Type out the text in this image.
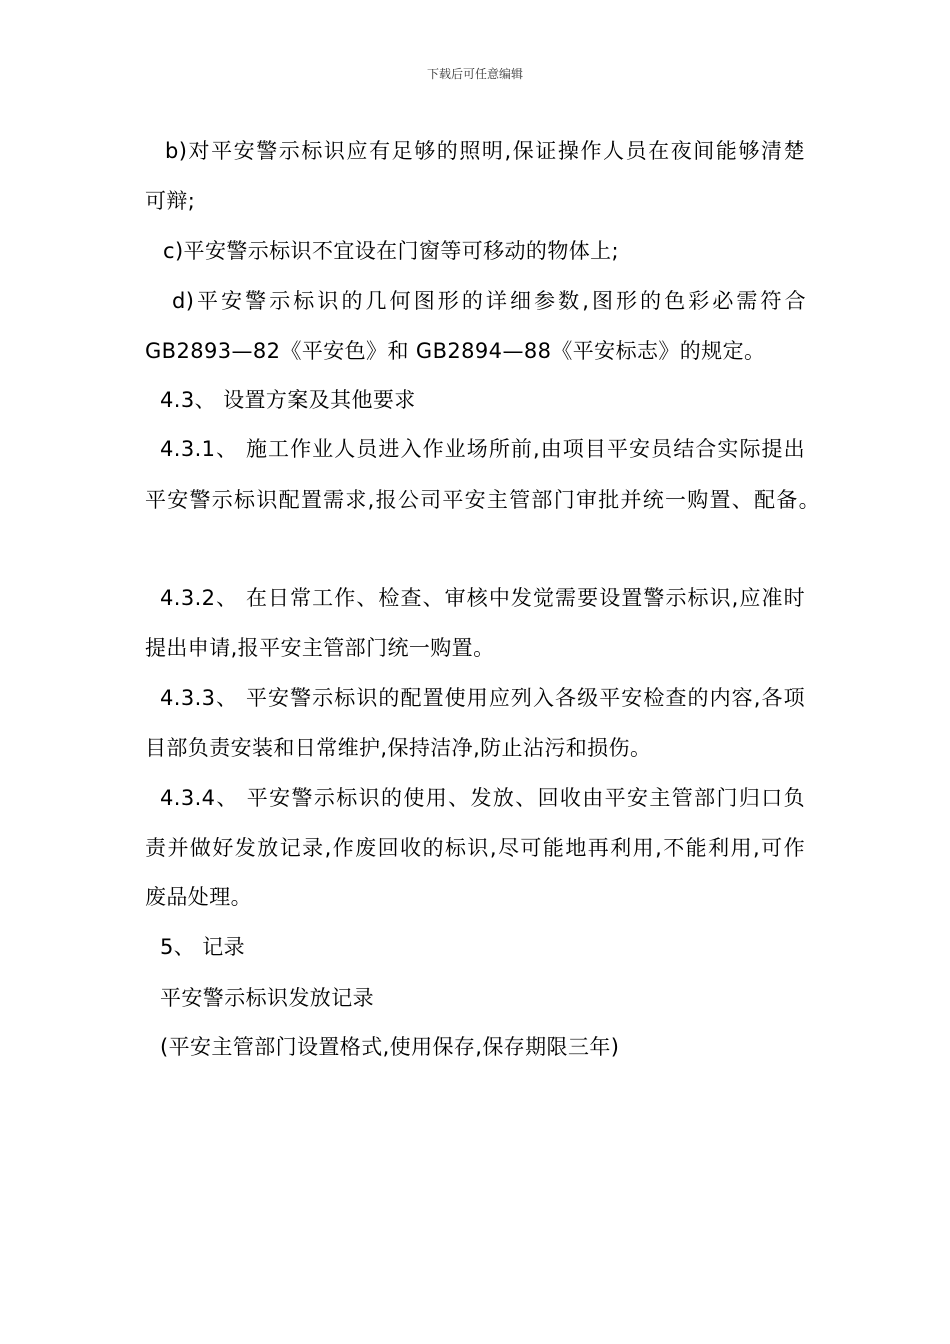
下载后可任意编辑
b)对平安警示标识应有足够的照明,保证操作人员在夜间能够清楚
可辩;
c)平安警示标识不宜设在门窗等可移动的物体上;
d)平安警示标识的几何图形的详细参数,图形的色彩必需符合
GB2893—82《平安色》和 GB2894—88《平安标志》的规定。
4.3、 设置方案及其他要求
4.3.1、 施工作业人员进入作业场所前,由项目平安员结合实际提出
平安警示标识配置需求,报公司平安主管部门审批并统一购置、配备。
4.3.2、 在日常工作、检查、审核中发觉需要设置警示标识,应准时
提出申请,报平安主管部门统一购置。
4.3.3、 平安警示标识的配置使用应列入各级平安检查的内容,各项
目部负责安装和日常维护,保持洁净,防止沾污和损伤。
4.3.4、 平安警示标识的使用、发放、回收由平安主管部门归口负
责并做好发放记录,作废回收的标识,尽可能地再利用,不能利用,可作
废品处理。
5、 记录
平安警示标识发放记录
(平安主管部门设置格式,使用保存,保存期限三年)
